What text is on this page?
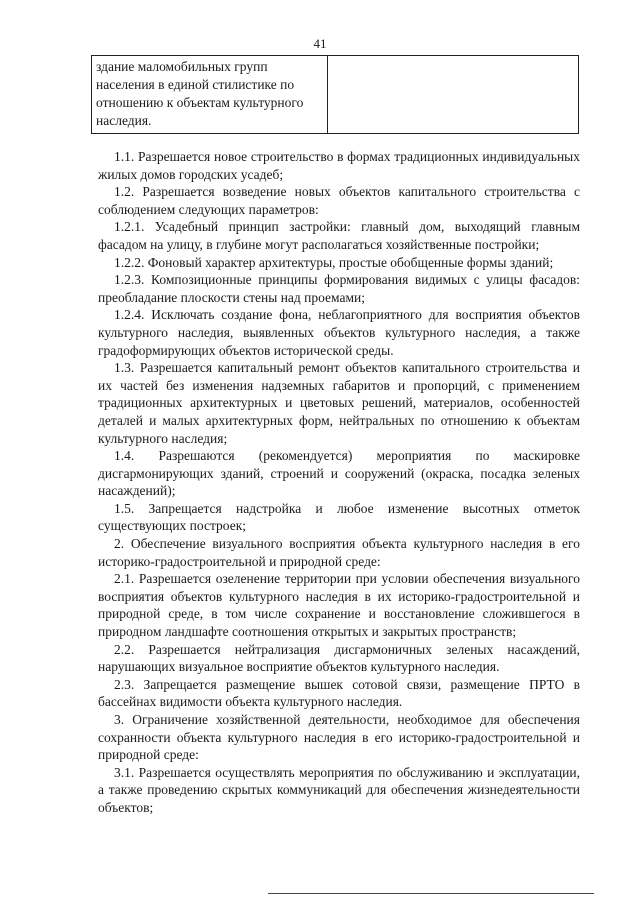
41
здание маломобильных групп населения в единой стилистике по отношению к объектам культурного наследия.	

1.1. Разрешается новое строительство в формах традиционных индивидуальных жилых домов городских усадеб;

1.2. Разрешается возведение новых объектов капитального строительства с соблюдением следующих параметров:

1.2.1. Усадебный принцип застройки: главный дом, выходящий главным фасадом на улицу, в глубине могут располагаться хозяйственные постройки;

1.2.2. Фоновый характер архитектуры, простые обобщенные формы зданий;

1.2.3. Композиционные принципы формирования видимых с улицы фасадов: преобладание плоскости стены над проемами;

1.2.4. Исключать создание фона, неблагоприятного для восприятия объектов культурного наследия, выявленных объектов культурного наследия, а также градоформирующих объектов исторической среды.

1.3. Разрешается капитальный ремонт объектов капитального строительства и их частей без изменения надземных габаритов и пропорций, с применением традиционных архитектурных и цветовых решений, материалов, особенностей деталей и малых архитектурных форм, нейтральных по отношению к объектам культурного наследия;

1.4. Разрешаются (рекомендуется) мероприятия по маскировке дисгармонирующих зданий, строений и сооружений (окраска, посадка зеленых насаждений);

1.5. Запрещается надстройка и любое изменение высотных отметок существующих построек;

2. Обеспечение визуального восприятия объекта культурного наследия в его историко-градостроительной и природной среде:

2.1. Разрешается озеленение территории при условии обеспечения визуального восприятия объектов культурного наследия в их историко-градостроительной и природной среде, в том числе сохранение и восстановление сложившегося в природном ландшафте соотношения открытых и закрытых пространств;

2.2. Разрешается нейтрализация дисгармоничных зеленых насаждений, нарушающих визуальное восприятие объектов культурного наследия.

2.3. Запрещается размещение вышек сотовой связи, размещение ПРТО в бассейнах видимости объекта культурного наследия.

3. Ограничение хозяйственной деятельности, необходимое для обеспечения сохранности объекта культурного наследия в его историко-градостроительной и природной среде:

3.1. Разрешается осуществлять мероприятия по обслуживанию и эксплуатации, а также проведению скрытых коммуникаций для обеспечения жизнедеятельности объектов;
